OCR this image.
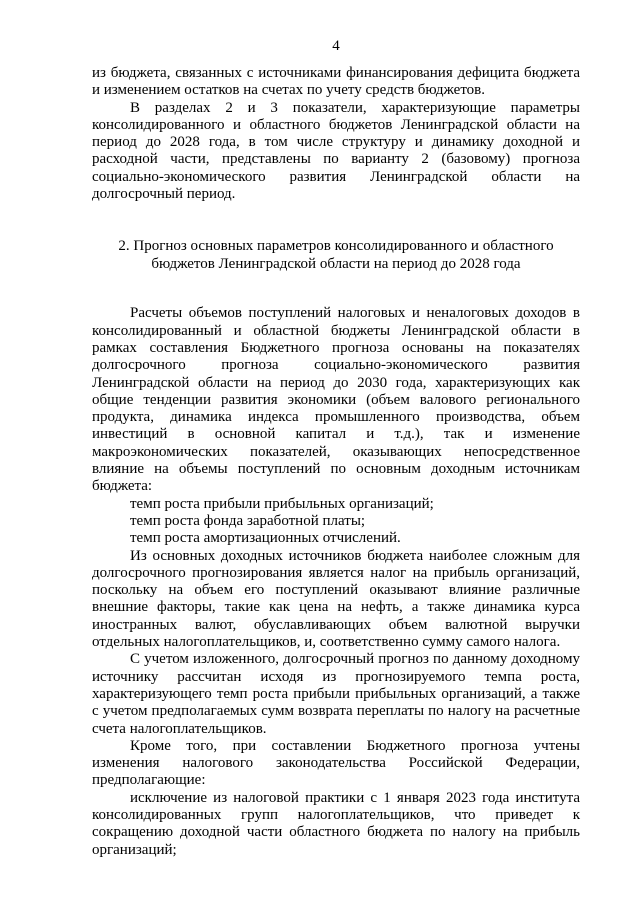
4

из бюджета, связанных с источниками финансирования дефицита бюджета и изменением остатков на счетах по учету средств бюджетов.

В разделах 2 и 3 показатели, характеризующие параметры консолидированного и областного бюджетов Ленинградской области на период до 2028 года, в том числе структуру и динамику доходной и расходной части, представлены по варианту 2 (базовому) прогноза социально-экономического развития Ленинградской области на долгосрочный период.

2. Прогноз основных параметров консолидированного и областного бюджетов Ленинградской области на период до 2028 года

Расчеты объемов поступлений налоговых и неналоговых доходов в консолидированный и областной бюджеты Ленинградской области в рамках составления Бюджетного прогноза основаны на показателях долгосрочного прогноза социально-экономического развития Ленинградской области на период до 2030 года, характеризующих как общие тенденции развития экономики (объем валового регионального продукта, динамика индекса промышленного производства, объем инвестиций в основной капитал и т.д.), так и изменение макроэкономических показателей, оказывающих непосредственное влияние на объемы поступлений по основным доходным источникам бюджета:

темп роста прибыли прибыльных организаций;

темп роста фонда заработной платы;

темп роста амортизационных отчислений.

Из основных доходных источников бюджета наиболее сложным для долгосрочного прогнозирования является налог на прибыль организаций, поскольку на объем его поступлений оказывают влияние различные внешние факторы, такие как цена на нефть, а также динамика курса иностранных валют, обуславливающих объем валютной выручки отдельных налогоплательщиков, и, соответственно сумму самого налога.

С учетом изложенного, долгосрочный прогноз по данному доходному источнику рассчитан исходя из прогнозируемого темпа роста, характеризующего темп роста прибыли прибыльных организаций, а также с учетом предполагаемых сумм возврата переплаты по налогу на расчетные счета налогоплательщиков.

Кроме того, при составлении Бюджетного прогноза учтены изменения налогового законодательства Российской Федерации, предполагающие:

исключение из налоговой практики с 1 января 2023 года института консолидированных групп налогоплательщиков, что приведет к сокращению доходной части областного бюджета по налогу на прибыль организаций;
